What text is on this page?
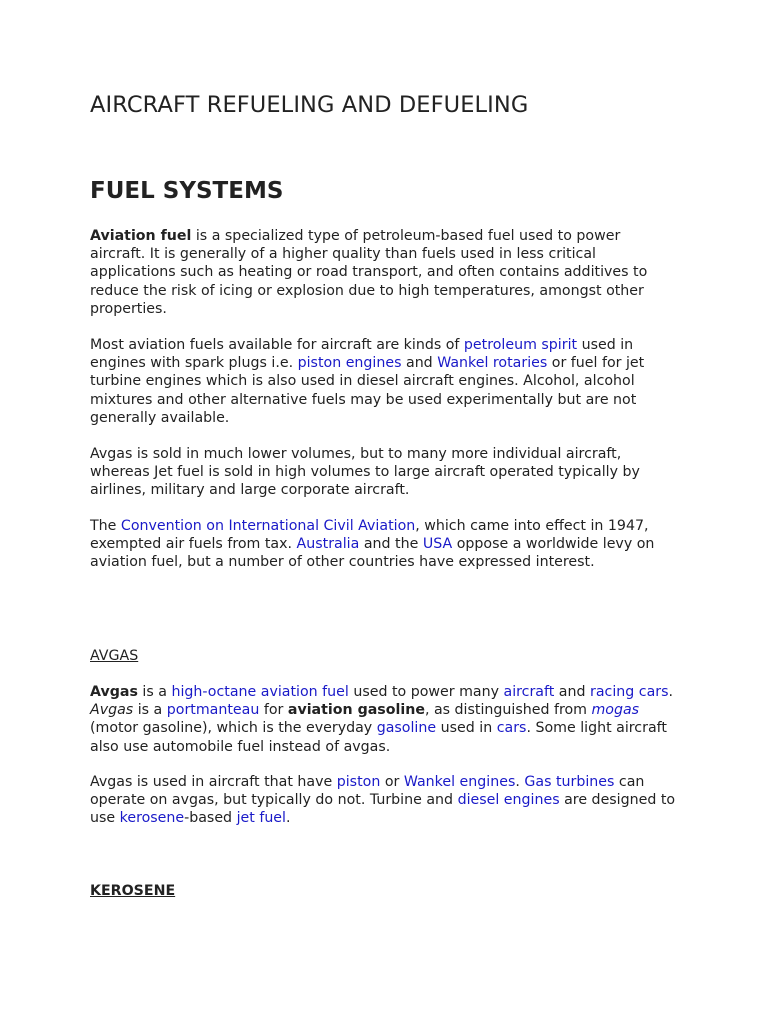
AIRCRAFT REFUELING AND DEFUELING
FUEL SYSTEMS

Aviation fuel is a specialized type of petroleum-based fuel used to power aircraft. It is generally of a higher quality than fuels used in less critical applications such as heating or road transport, and often contains additives to reduce the risk of icing or explosion due to high temperatures, amongst other properties.

Most aviation fuels available for aircraft are kinds of petroleum spirit used in engines with spark plugs i.e. piston engines and Wankel rotaries or fuel for jet turbine engines which is also used in diesel aircraft engines. Alcohol, alcohol mixtures and other alternative fuels may be used experimentally but are not generally available.

Avgas is sold in much lower volumes, but to many more individual aircraft, whereas Jet fuel is sold in high volumes to large aircraft operated typically by airlines, military and large corporate aircraft.

The Convention on International Civil Aviation, which came into effect in 1947, exempted air fuels from tax. Australia and the USA oppose a worldwide levy on aviation fuel, but a number of other countries have expressed interest.

AVGAS

Avgas is a high-octane aviation fuel used to power many aircraft and racing cars. Avgas is a portmanteau for aviation gasoline, as distinguished from mogas (motor gasoline), which is the everyday gasoline used in cars. Some light aircraft also use automobile fuel instead of avgas.

Avgas is used in aircraft that have piston or Wankel engines. Gas turbines can operate on avgas, but typically do not. Turbine and diesel engines are designed to use kerosene-based jet fuel.

KEROSENE
